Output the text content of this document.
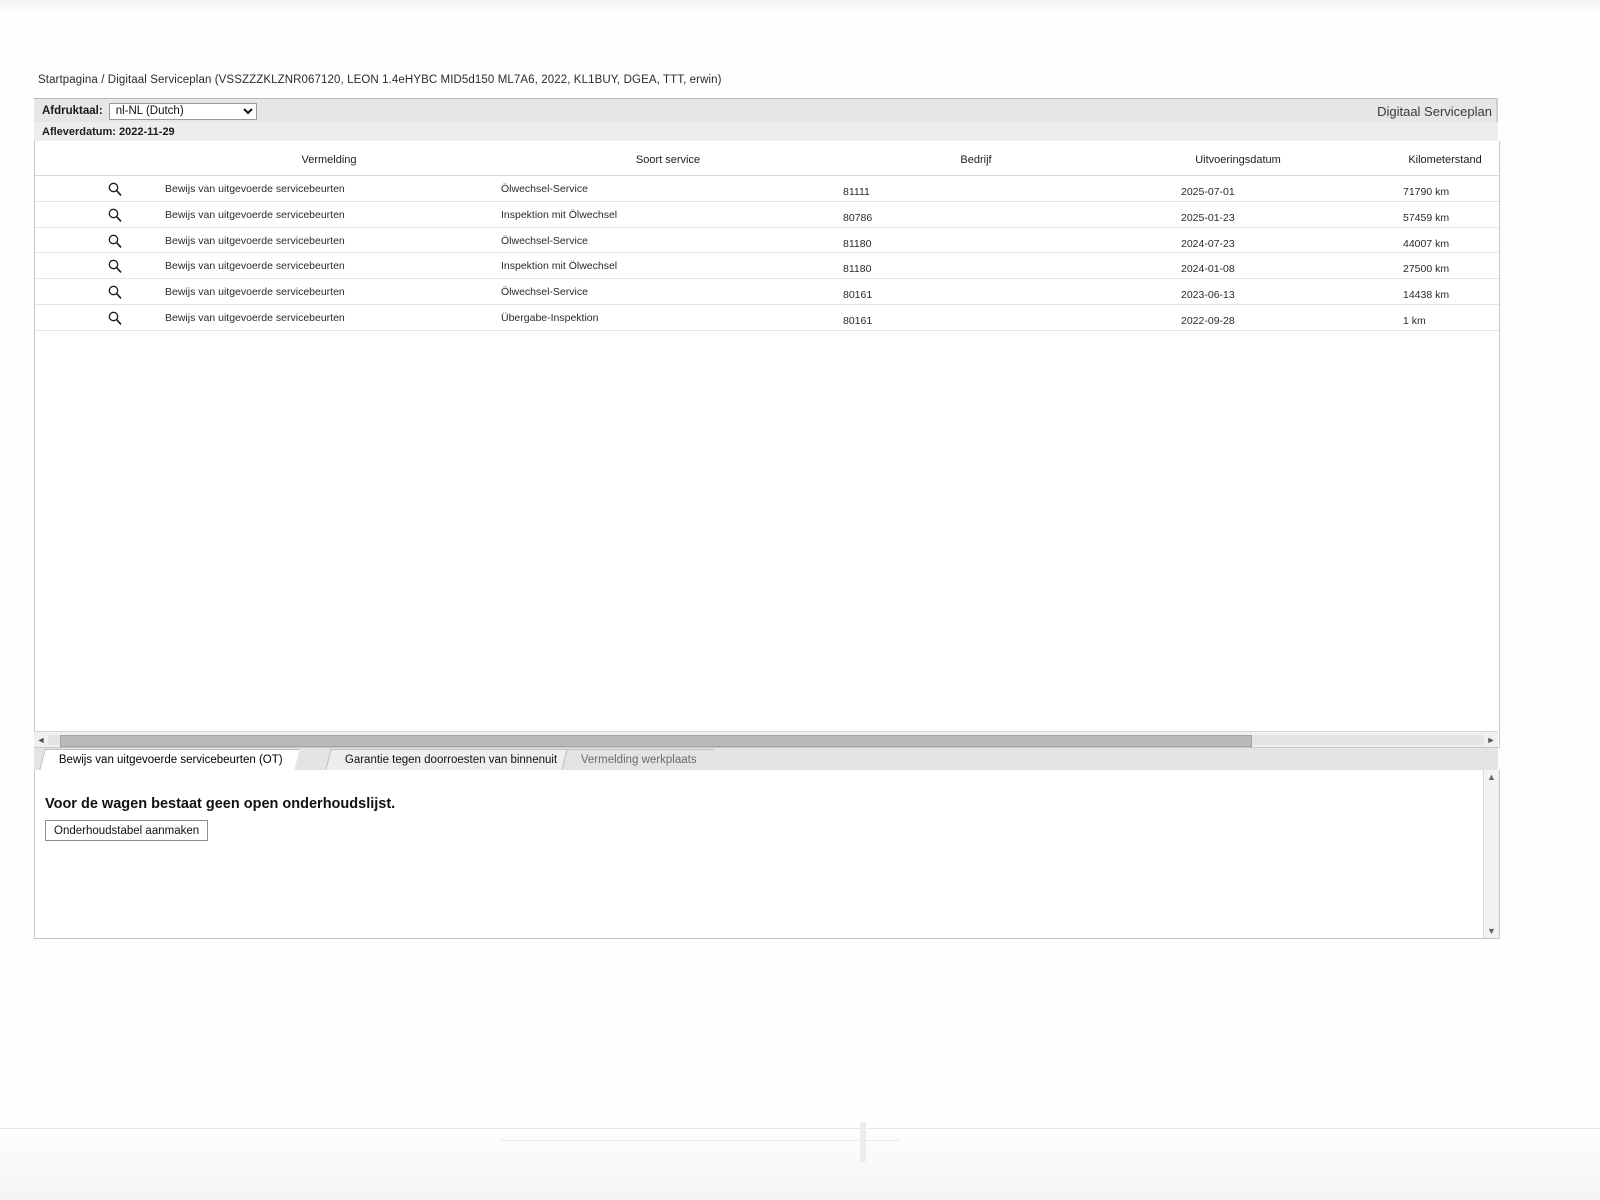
Startpagina / Digitaal Serviceplan (VSSZZZKLZNR067120, LEON 1.4eHYBC MID5d150 ML7A6, 2022, KL1BUY, DGEA, TTT, erwin)
Afdruktaal:
nl-NL (Dutch)	Digitaal Serviceplan
Afleverdatum: 2022-11-29
Vermelding	Soort service	Bedrijf	Uitvoeringsdatum	Kilometerstand
Bewijs van uitgevoerde servicebeurten	Ölwechsel-Service	81111	2025-07-01	71790 km
Bewijs van uitgevoerde servicebeurten	Inspektion mit Ölwechsel	80786	2025-01-23	57459 km
Bewijs van uitgevoerde servicebeurten	Ölwechsel-Service	81180	2024-07-23	44007 km
Bewijs van uitgevoerde servicebeurten	Inspektion mit Ölwechsel	81180	2024-01-08	27500 km
Bewijs van uitgevoerde servicebeurten	Ölwechsel-Service	80161	2023-06-13	14438 km
Bewijs van uitgevoerde servicebeurten	Übergabe-Inspektion	80161	2022-09-28	1 km
◄	►
Bewijs van uitgevoerde servicebeurten (OT)	Garantie tegen doorroesten van binnenuit	Vermelding werkplaats
Voor de wagen bestaat geen open onderhoudslijst.
Onderhoudstabel aanmaken
▲
▼
